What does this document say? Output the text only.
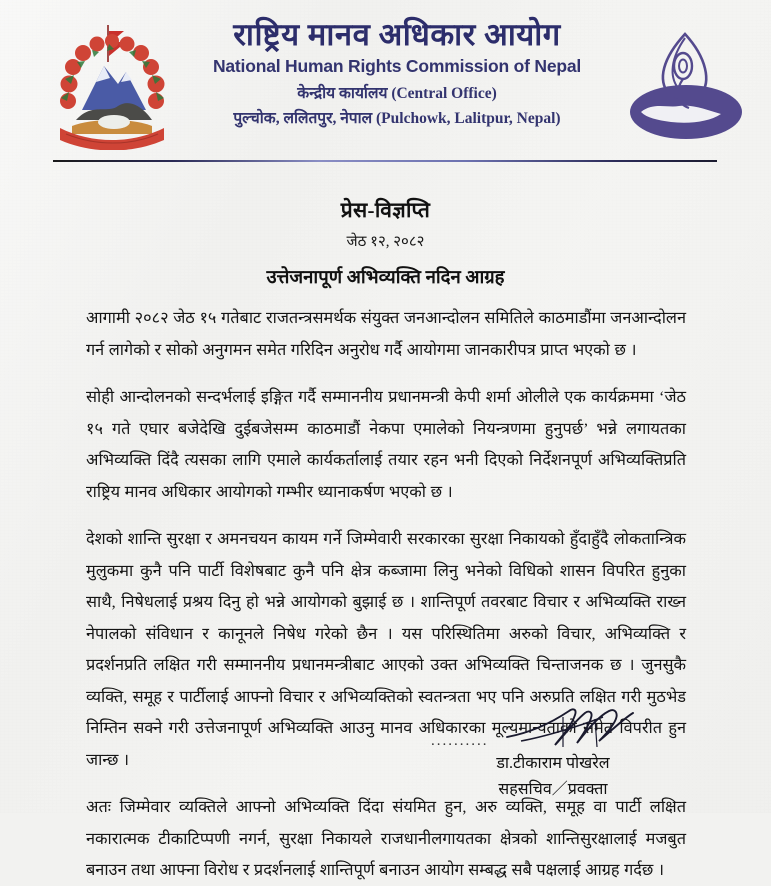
राष्ट्रिय मानव अधिकार आयोग
National Human Rights Commission of Nepal
केन्द्रीय कार्यालय (Central Office)
पुल्चोक, ललितपुर, नेपाल (Pulchowk, Lalitpur, Nepal)
प्रेस-विज्ञप्ति
जेठ १२, २०८२
उत्तेजनापूर्ण अभिव्यक्ति नदिन आग्रह

आगामी २०८२ जेठ १५ गतेबाट राजतन्त्रसमर्थक संयुक्त जनआन्दोलन समितिले काठमाडौंमा जनआन्दोलन गर्न लागेको र सोको अनुगमन समेत गरिदिन अनुरोध गर्दै आयोगमा जानकारीपत्र प्राप्त भएको छ ।

सोही आन्दोलनको सन्दर्भलाई इङ्गित गर्दै सम्माननीय प्रधानमन्त्री केपी शर्मा ओलीले एक कार्यक्रममा ‘जेठ १५ गते एघार बजेदेखि दुईबजेसम्म काठमाडौं नेकपा एमालेको नियन्त्रणमा हुनुपर्छ’ भन्ने लगायतका अभिव्यक्ति दिंदै त्यसका लागि एमाले कार्यकर्तालाई तयार रहन भनी दिएको निर्देशनपूर्ण अभिव्यक्तिप्रति राष्ट्रिय मानव अधिकार आयोगको गम्भीर ध्यानाकर्षण भएको छ ।

देशको शान्ति सुरक्षा र अमनचयन कायम गर्ने जिम्मेवारी सरकारका सुरक्षा निकायको हुँदाहुँदै लोकतान्त्रिक मुलुकमा कुनै पनि पार्टी विशेषबाट कुनै पनि क्षेत्र कब्जामा लिनु भनेको विधिको शासन विपरित हुनुका साथै, निषेधलाई प्रश्रय दिनु हो भन्ने आयोगको बुझाई छ । शान्तिपूर्ण तवरबाट विचार र अभिव्यक्ति राख्न नेपालको संविधान र कानूनले निषेध गरेको छैन । यस परिस्थितिमा अरुको विचार, अभिव्यक्ति र प्रदर्शनप्रति लक्षित गरी सम्माननीय प्रधानमन्त्रीबाट आएको उक्त अभिव्यक्ति चिन्ताजनक छ । जुनसुकै व्यक्ति, समूह र पार्टीलाई आफ्नो विचार र अभिव्यक्तिको स्वतन्त्रता भए पनि अरुप्रति लक्षित गरी मुठभेड निम्तिन सक्ने गरी उत्तेजनापूर्ण अभिव्यक्ति आउनु मानव अधिकारका मूल्यमान्यताको समेत विपरीत हुन जान्छ ।

अतः जिम्मेवार व्यक्तिले आफ्नो अभिव्यक्ति दिंदा संयमित हुन, अरु व्यक्ति, समूह वा पार्टी लक्षित नकारात्मक टीकाटिप्पणी नगर्न, सुरक्षा निकायले राजधानीलगायतका क्षेत्रको शान्तिसुरक्षालाई मजबुत बनाउन तथा आफ्ना विरोध र प्रदर्शनलाई शान्तिपूर्ण बनाउन आयोग सम्बद्ध सबै पक्षलाई आग्रह गर्दछ ।

..........
डा.टीकाराम पोखरेल
सहसचिव／प्रवक्ता
